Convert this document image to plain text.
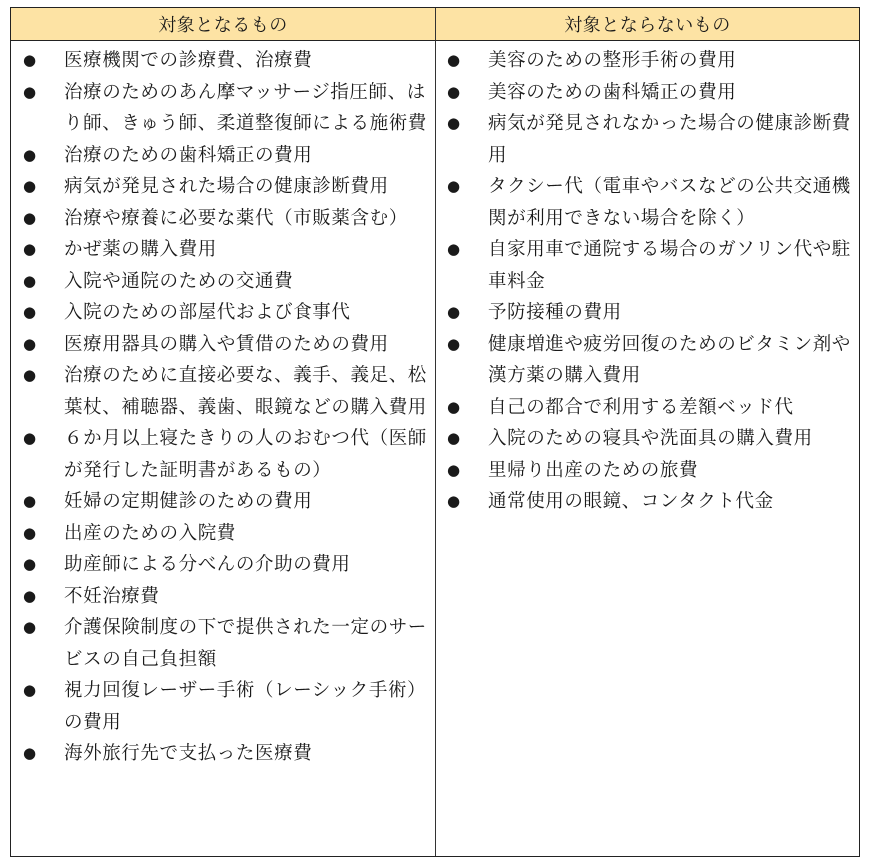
対象となるもの	対象とならないもの
● 医療機関での診療費、治療費
● 治療のためのあん摩マッサージ指圧師、はり師、きゅう師、柔道整復師による施術費
● 治療のための歯科矯正の費用
● 病気が発見された場合の健康診断費用
● 治療や療養に必要な薬代（市販薬含む）
● かぜ薬の購入費用
● 入院や通院のための交通費
● 入院のための部屋代および食事代
● 医療用器具の購入や賃借のための費用
● 治療のために直接必要な、義手、義足、松葉杖、補聴器、義歯、眼鏡などの購入費用
● ６か月以上寝たきりの人のおむつ代（医師が発行した証明書があるもの）
● 妊婦の定期健診のための費用
● 出産のための入院費
● 助産師による分べんの介助の費用
● 不妊治療費
● 介護保険制度の下で提供された一定のサービスの自己負担額
● 視力回復レーザー手術（レーシック手術）の費用
● 海外旅行先で支払った医療費
● 美容のための整形手術の費用
● 美容のための歯科矯正の費用
● 病気が発見されなかった場合の健康診断費用
● タクシー代（電車やバスなどの公共交通機関が利用できない場合を除く）
● 自家用車で通院する場合のガソリン代や駐車料金
● 予防接種の費用
● 健康増進や疲労回復のためのビタミン剤や漢方薬の購入費用
● 自己の都合で利用する差額ベッド代
● 入院のための寝具や洗面具の購入費用
● 里帰り出産のための旅費
● 通常使用の眼鏡、コンタクト代金
